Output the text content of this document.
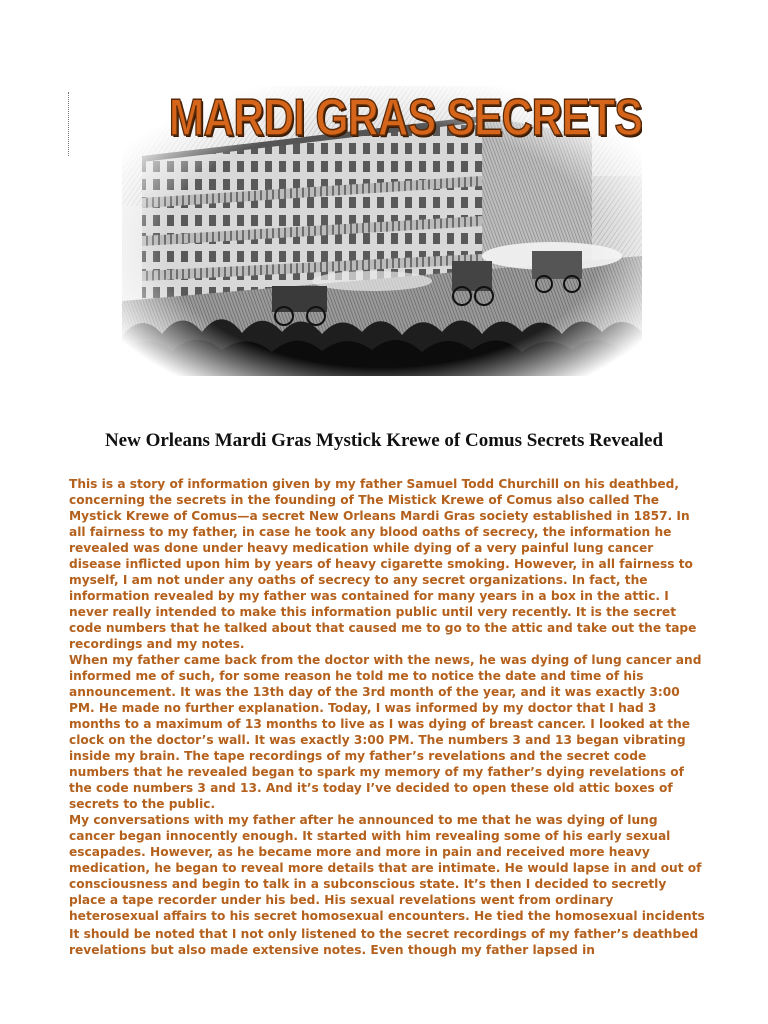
MARDI GRAS SECRETS
New Orleans Mardi Gras Mystick Krewe of Comus Secrets Revealed

This is a story of information given by my father Samuel Todd Churchill on his deathbed, concerning the secrets in the founding of The Mistick Krewe of Comus also called The Mystick Krewe of Comus—a secret New Orleans Mardi Gras society established in 1857. In all fairness to my father, in case he took any blood oaths of secrecy, the information he revealed was done under heavy medication while dying of a very painful lung cancer disease inflicted upon him by years of heavy cigarette smoking. However, in all fairness to myself, I am not under any oaths of secrecy to any secret organizations. In fact, the information revealed by my father was contained for many years in a box in the attic. I never really intended to make this information public until very recently. It is the secret code numbers that he talked about that caused me to go to the attic and take out the tape recordings and my notes.

When my father came back from the doctor with the news, he was dying of lung cancer and informed me of such, for some reason he told me to notice the date and time of his announcement. It was the 13th day of the 3rd month of the year, and it was exactly 3:00 PM. He made no further explanation. Today, I was informed by my doctor that I had 3 months to a maximum of 13 months to live as I was dying of breast cancer. I looked at the clock on the doctor’s wall. It was exactly 3:00 PM. The numbers 3 and 13 began vibrating inside my brain. The tape recordings of my father’s revelations and the secret code numbers that he revealed began to spark my memory of my father’s dying revelations of the code numbers 3 and 13. And it’s today I’ve decided to open these old attic boxes of secrets to the public.

My conversations with my father after he announced to me that he was dying of lung cancer began innocently enough. It started with him revealing some of his early sexual escapades. However, as he became more and more in pain and received more heavy medication, he began to reveal more details that are intimate. He would lapse in and out of consciousness and begin to talk in a subconscious state. It’s then I decided to secretly place a tape recorder under his bed. His sexual revelations went from ordinary heterosexual affairs to his secret homosexual encounters. He tied the homosexual incidents

It should be noted that I not only listened to the secret recordings of my father’s deathbed revelations but also made extensive notes. Even though my father lapsed in
